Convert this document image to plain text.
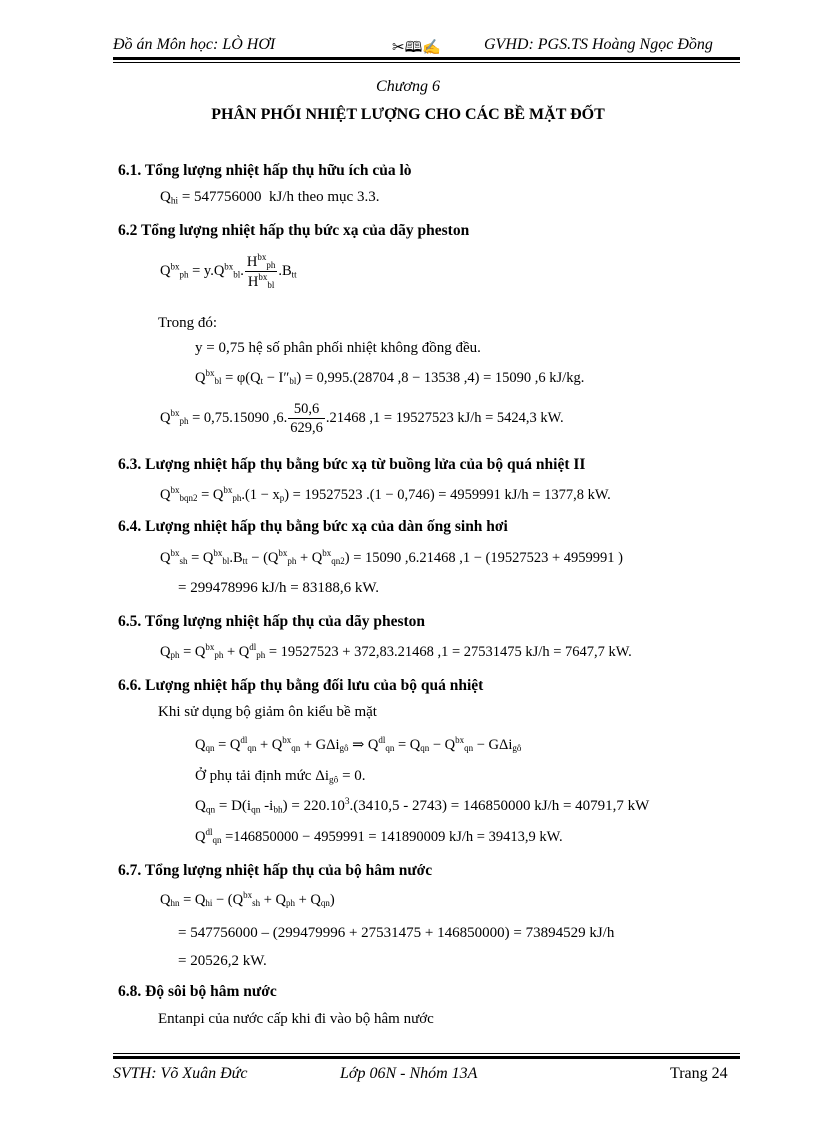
Đồ án Môn học: LÒ HƠI	✂🕮✍	GVHD: PGS.TS Hoàng Ngọc Đồng
Chương 6
PHÂN PHỐI NHIỆT LƯỢNG CHO CÁC BỀ MẶT ĐỐT
6.1. Tổng lượng nhiệt hấp thụ hữu ích của lò
$Q_{hi} = 547756000$ kJ/h theo mục 3.3.
6.2 Tổng lượng nhiệt hấp thụ bức xạ của dãy pheston
$Q^{bx}_{ph} = y.Q^{bx}_{bl}$. $\frac{H^{bx}_{ph}}{H^{bx}_{bl}} .B_{tt}$
Trong đó:
y = 0,75 hệ số phân phối nhiệt không đồng đều.
$Q^{bx}_{bl} = \varphi(Q_t - I''_{bl}) = 0,995.(28704$ ,8 − 13538 ,4) = 15090 ,6 kJ/kg.
$Q^{bx}_{ph} = 0,75.15090$ ,6. $\frac{50,6}{629,6} .21468$ ,1 = 19527523 kJ/h = 5424,3 kW.
6.3. Lượng nhiệt hấp thụ bằng bức xạ từ buồng lửa của bộ quá nhiệt II
$Q^{bx}_{bqn2} = Q^{bx}_{ph}.(1 - x_p) = 19527523$ .(1 − 0,746) = 4959991 kJ/h = 1377,8 kW.
6.4. Lượng nhiệt hấp thụ bằng bức xạ của dàn ống sinh hơi
$Q^{bx}_{sh} = Q^{bx}_{bl}.B_{tt} - (Q^{bx}_{ph} + Q^{bx}_{qn2}) = 15090$ ,6.21468 ,1 − (19527523 + 4959991 )
= 299478996 kJ/h = 83188,6 kW.
6.5. Tổng lượng nhiệt hấp thụ của dãy pheston
$Q_{ph} = Q^{bx}_{ph} + Q^{dl}_{ph} = 19527523 + 372,83.21468$ ,1 = 27531475 kJ/h = 7647,7 kW.
6.6. Lượng nhiệt hấp thụ bằng đối lưu của bộ quá nhiệt
Khi sử dụng bộ giảm ôn kiểu bề mặt
$Q_{qn} = Q^{dl}_{qn} + Q^{bx}_{qn} + G\Delta i_{gô}$ ⇒ $Q^{dl}_{qn} = Q_{qn} - Q^{bx}_{qn} - G\Delta i_{gô}$
Ở phụ tải định mức $\Delta i_{gô} = 0$.
$Q_{qn} = D(i_{qn}$ $-i_{bh}) = 220.10^3.(3410,5 - 2743) = 146850000$ kJ/h = 40791,7 kW
$Q^{dl}_{qn} =146850000 - 4959991 = 141890009$ kJ/h = 39413,9 kW.
6.7. Tổng lượng nhiệt hấp thụ của bộ hâm nước
$Q_{hn} = Q_{hi} - (Q^{bx}_{sh} + Q_{ph} + Q_{qn})$
= 547756000 – (299479996 + 27531475 + 146850000) = 73894529 kJ/h
= 20526,2 kW.
6.8. Độ sôi bộ hâm nước
Entanpi của nước cấp khi đi vào bộ hâm nước
SVTH: Võ Xuân Đức	Lớp 06N - Nhóm 13A	Trang 24
